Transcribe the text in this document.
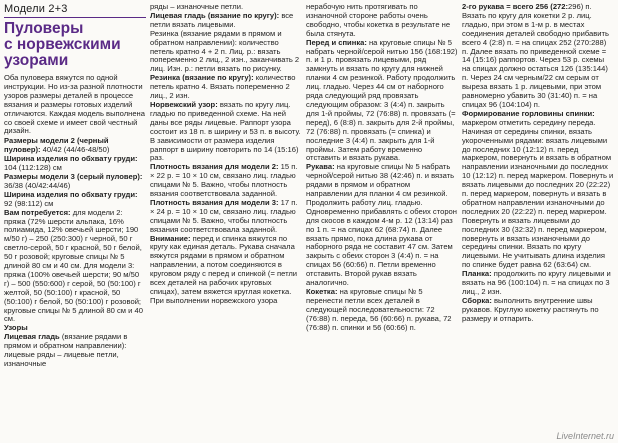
Модели 2+3
Пуловеры
с норвежскими
узорами

Оба пуловера вяжутся по одной инструкции. Но из-за разной плотности узоров размеры деталей в процессе вязания и размеры готовых изделий отличаются. Каждая модель выполнена со своей схеме и имеет свой честный дизайн.

Размеры модели 2 (черный пуловер): 40/42 (44/46-48/50)

Ширина изделия по обхвату груди: 104 (112:128) см

Размеры модели 3 (серый пуловер): 36/38 (40/42:44/46)

Ширина изделия по обхвату груди: 92 (98:112) см

Вам потребуется: для модели 2: пряжа (72% шерсти альпака, 16% полиамида, 12% овечьей шерсти; 190 м/50 г) – 250 (250:300) г черной, 50 г светло-серой, 50 г красной, 50 г белой, 50 г розовой; круговые спицы № 5 длиной 80 см и 40 см. Для модели 3: пряжа (100% овечьей шерсти; 90 м/50 г) – 500 (550:600) г серой, 50 (50:100) г желтой, 50 (50:100) г красной, 50 (50:100) г белой, 50 (50:100) г розовой; круговые спицы № 5 длиной 80 см и 40 см.

Узоры

Лицевая гладь (вязание рядами в прямом и обратном направлении): лицевые ряды – лицевые петли, изнаночные

ряды – изнаночные петли.

Лицевая гладь (вязание по кругу): все петли вязать лицевыми.

Резинка (вязание рядами в прямом и обратном направлении): количество петель кратно 4 + 2 п. Лиц. р.: вязать попеременно 2 лиц., 2 изн., заканчивать 2 лиц. Изн. р.: петли вязать по рисунку.

Резинка (вязание по кругу): количество петель кратно 4. Вязать попеременно 2 лиц., 2 изн.

Норвежский узор: вязать по кругу лиц. гладью по приведенной схеме. На ней даны все ряды лицевые. Раппорт узора состоит из 18 п. в ширину и 53 п. в высоту. В зависимости от размера изделия раппорт в ширину повторить по 14 (15:16) раз.

Плотность вязания для модели 2: 15 п. × 22 р. = 10 × 10 см, связано лиц. гладью спицами № 5. Важно, чтобы плотность вязания соответствовала заданной.

Плотность вязания для модели 3: 17 п. × 24 р. = 10 × 10 см, связано лиц. гладью спицами № 5. Важно, чтобы плотность вязания соответствовала заданной.

Внимание: перед и спинка вяжутся по кругу как единая деталь. Рукава сначала вяжутся рядами в прямом и обратном направлении, а потом соединяются в круговом ряду с перед и спинкой (= петли всех деталей на рабочих круговых спицах), затем вяжется круглая кокетка. При выполнении норвежского узора

нерабочую нить протягивать по изнаночной стороне работы очень свободно, чтобы кокетка в результате не была стянута.

Перед и спинка: на круговые спицы № 5 набрать черной/серой нитью 156 (168:192) п. и 1 р. провязать лицевыми, ряд замкнуть и вязать по кругу для нижней планки 4 см резинкой. Работу продолжить лиц. гладью. Через 44 см от наборного ряда следующий ряд провязать следующим образом: 3 (4:4) п. закрыть для 1-й проймы, 72 (76:88) п. провязать (= перед), 6 (8:8) п. закрыть для 2-й проймы, 72 (76:88) п. провязать (= спинка) и последние 3 (4:4) п. закрыть для 1-й проймы. Затем работу временно отставить и вязать рукава.

Рукава: на круговые спицы № 5 набрать черной/серой нитью 38 (42:46) п. и вязать рядами в прямом и обратном направлении для планки 4 см резинкой. Продолжить работу лиц. гладью. Одновременно прибавлять с обеих сторон для скосов в каждом 4-м р. 12 (13:14) раз по 1 п. = на спицах 62 (68:74) п. Далее вязать прямо, пока длина рукава от наборного ряда не составит 47 см. Затем закрыть с обеих сторон 3 (4:4) п. = на спицах 56 (60:66) п. Петли временно отставить. Второй рукав вязать аналогично.

Кокетка: на круговые спицы № 5 перенести петли всех деталей в следующей последовательности: 72 (76:88) п. переда, 56 (60:66) п. рукава, 72 (76:88) п. спинки и 56 (60:66) п.

2-го рукава = всего 256 (272:296) п. Вязать по кругу для кокетки 2 р. лиц. гладью, при этом в 1-м р. в местах соединения деталей свободно прибавить всего 4 (2:8) п. = на спицах 252 (270:288) п. Далее вязать по приведенной схеме = 14 (15:16) раппортов. Через 53 р. схемы на спицах должно остаться 126 (135:144) п. Через 24 см черным/22 см серым от выреза вязать 1 р. лицевыми, при этом равномерно убавить 30 (31:40) п. = на спицах 96 (104:104) п.

Формирование горловины спинки: маркером отметить середину переда. Начиная от середины спинки, вязать укороченными рядами: вязать лицевыми до последних 10 (12:12) п. перед маркером, повернуть и вязать в обратном направлении изнаночными до последних 10 (12:12) п. перед маркером. Повернуть и вязать лицевыми до последних 20 (22:22) п. перед маркером, повернуть и вязать в обратном направлении изнаночными до последних 20 (22:22) п. перед маркером. Повернуть и вязать лицевыми до последних 30 (32:32) п. перед маркером, повернуть и вязать изнаночными до середины спинки. Вязать по кругу лицевыми. Не учитывать длина изделия по спинке будет равна 62 (63:64) см.

Планка: продолжить по кругу лицевыми и вязать на 96 (100:104) п. = на спицах по 3 лиц., 2 изн.

Сборка: выполнить внутренние швы рукавов. Круглую кокетку растянуть по размеру и отпарить.

LiveInternet.ru
